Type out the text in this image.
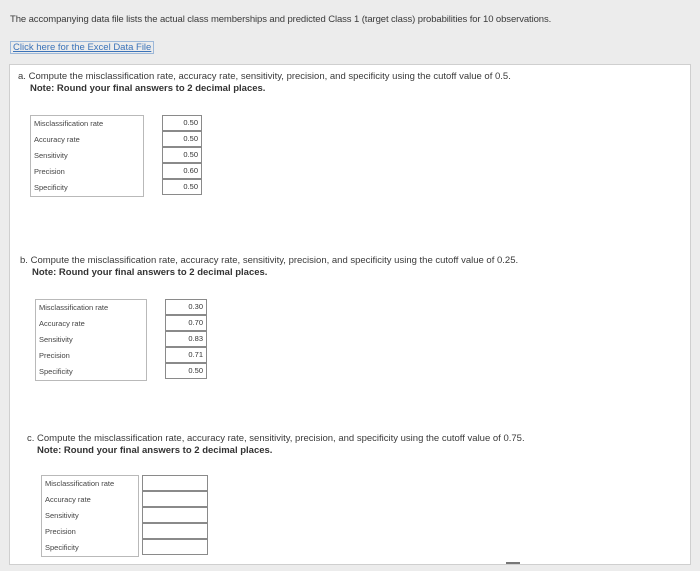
The accompanying data file lists the actual class memberships and predicted Class 1 (target class) probabilities for 10 observations.
Click here for the Excel Data File
a. Compute the misclassification rate, accuracy rate, sensitivity, precision, and specificity using the cutoff value of 0.5.
Note: Round your final answers to 2 decimal places.
Misclassification rate
Accuracy rate
Sensitivity
Precision
Specificity
0.50
0.50
0.50
0.60
0.50
b. Compute the misclassification rate, accuracy rate, sensitivity, precision, and specificity using the cutoff value of 0.25.
Note: Round your final answers to 2 decimal places.
Misclassification rate
Accuracy rate
Sensitivity
Precision
Specificity
0.30
0.70
0.83
0.71
0.50
c. Compute the misclassification rate, accuracy rate, sensitivity, precision, and specificity using the cutoff value of 0.75.
Note: Round your final answers to 2 decimal places.
Misclassification rate
Accuracy rate
Sensitivity
Precision
Specificity
